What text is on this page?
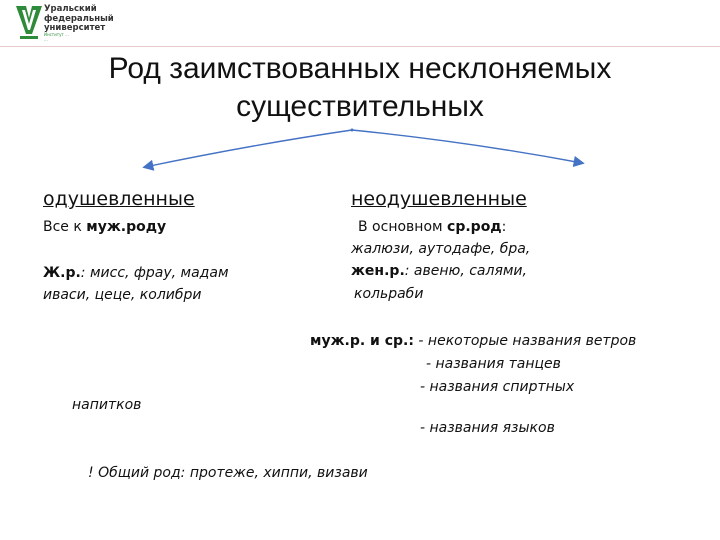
Уральский
федеральный
университет
Институт ...
...
Род заимствованных несклоняемых существительных
одушевленные
Все к муж.роду
Ж.р.: мисс, фрау, мадам
иваси, цеце, колибри
неодушевленные
В основном ср.род:
жалюзи, аутодафе, бра,
жен.р.: авеню, салями,
кольраби
муж.р. и ср.: - некоторые названия ветров
- названия танцев
- названия спиртных
напитков
- названия языков
! Общий род: протеже, хиппи, визави
